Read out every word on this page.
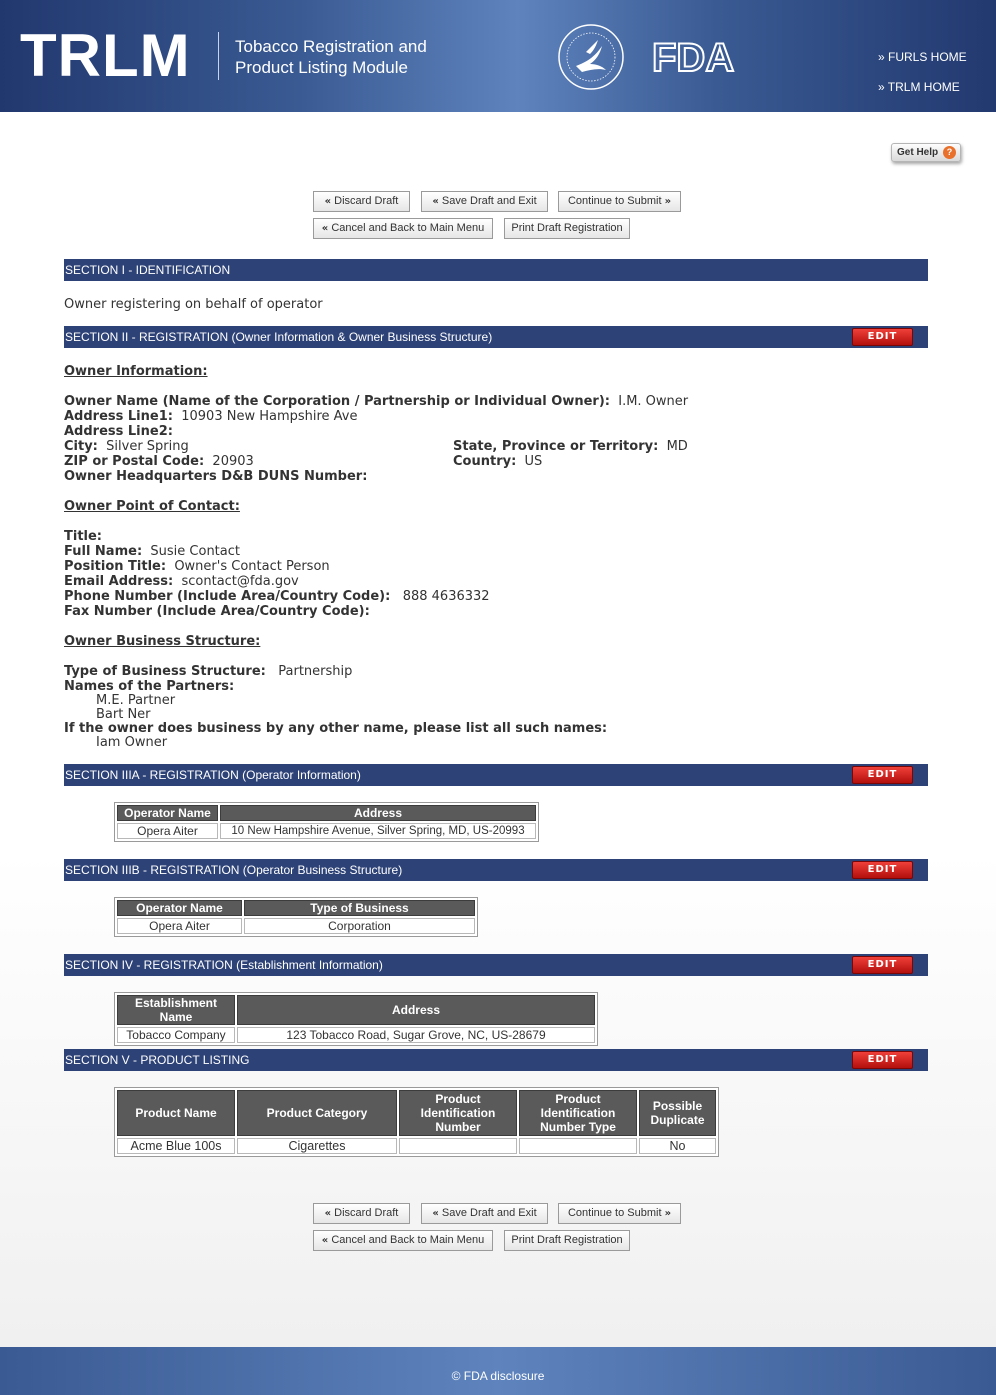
TRLM	Tobacco Registration and
Product Listing Module	FDA	» FURLS HOME
» TRLM HOME
Get Help ?
« Discard Draft	« Save Draft and Exit	Continue to Submit »
« Cancel and Back to Main Menu	Print Draft Registration
SECTION I - IDENTIFICATION
Owner registering on behalf of operator
SECTION II - REGISTRATION (Owner Information & Owner Business Structure)	EDIT
Owner Information:
Owner Name (Name of the Corporation / Partnership or Individual Owner): I.M. Owner
Address Line1: 10903 New Hampshire Ave
Address Line2:
City: Silver Spring	State, Province or Territory: MD
ZIP or Postal Code: 20903	Country: US
Owner Headquarters D&B DUNS Number:
Owner Point of Contact:
Title:
Full Name: Susie Contact
Position Title: Owner's Contact Person
Email Address: scontact@fda.gov
Phone Number (Include Area/Country Code): 888 4636332
Fax Number (Include Area/Country Code):
Owner Business Structure:
Type of Business Structure: Partnership
Names of the Partners:
M.E. Partner
Bart Ner
If the owner does business by any other name, please list all such names:
Iam Owner
SECTION IIIA - REGISTRATION (Operator Information)	EDIT
Operator Name	Address
Opera Aiter	10 New Hampshire Avenue, Silver Spring, MD, US-20993
SECTION IIIB - REGISTRATION (Operator Business Structure)	EDIT
Operator Name	Type of Business
Opera Aiter	Corporation
SECTION IV - REGISTRATION (Establishment Information)	EDIT
Establishment Name	Address
Tobacco Company	123 Tobacco Road, Sugar Grove, NC, US-28679
SECTION V - PRODUCT LISTING	EDIT
Product Name	Product Category	Product Identification Number	Product Identification Number Type	Possible Duplicate
Acme Blue 100s	Cigarettes			No
« Discard Draft	« Save Draft and Exit	Continue to Submit »
« Cancel and Back to Main Menu	Print Draft Registration
© FDA disclosure
